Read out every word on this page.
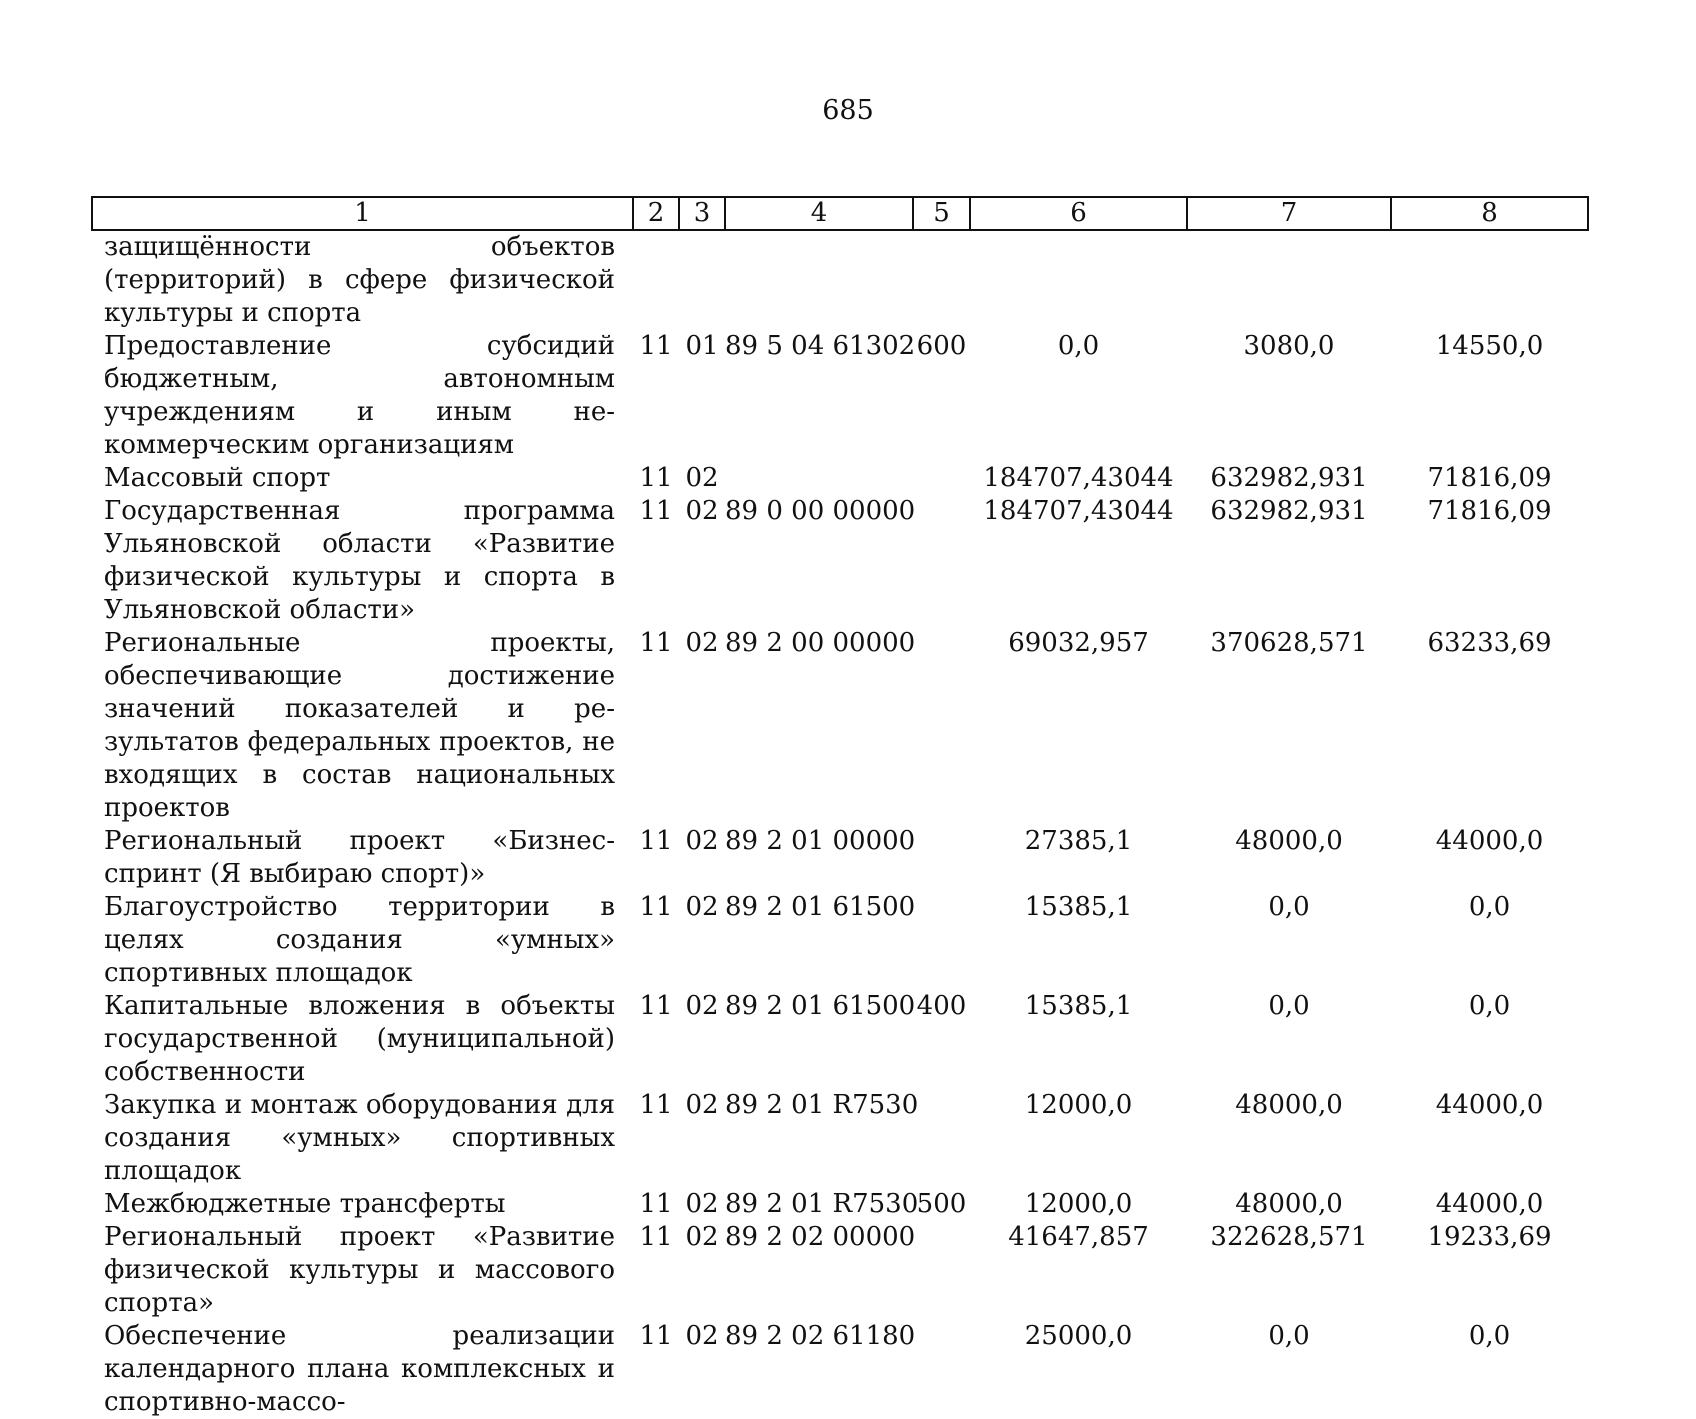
685
1	2	3	4	5	6	7	8
защищённости объектов (территорий) в сфере физической культуры и спорта							
Предоставление субсидий бюджетным, автономным учреждениям и иным некоммерческим организациям	11	01	89 5 04 61302	600	0,0	3080,0	14550,0
Массовый спорт	11	02			184707,43044	632982,931	71816,09
Государственная программа Ульяновской области «Развитие физической культуры и спорта в Ульяновской области»	11	02	89 0 00 00000		184707,43044	632982,931	71816,09
Региональные проекты, обеспечивающие достижение значений показателей и результатов федеральных проектов, не входящих в состав национальных проектов	11	02	89 2 00 00000		69032,957	370628,571	63233,69
Региональный проект «Бизнес-спринт (Я выбираю спорт)»	11	02	89 2 01 00000		27385,1	48000,0	44000,0
Благоустройство территории в целях создания «умных» спортивных площадок	11	02	89 2 01 61500		15385,1	0,0	0,0
Капитальные вложения в объекты государственной (муниципальной) собственности	11	02	89 2 01 61500	400	15385,1	0,0	0,0
Закупка и монтаж оборудования для создания «умных» спортивных площадок	11	02	89 2 01 R7530		12000,0	48000,0	44000,0
Межбюджетные трансферты	11	02	89 2 01 R7530	500	12000,0	48000,0	44000,0
Региональный проект «Развитие физической культуры и массового спорта»	11	02	89 2 02 00000		41647,857	322628,571	19233,69
Обеспечение реализации календарного плана комплексных и спортивно-массо-	11	02	89 2 02 61180		25000,0	0,0	0,0
